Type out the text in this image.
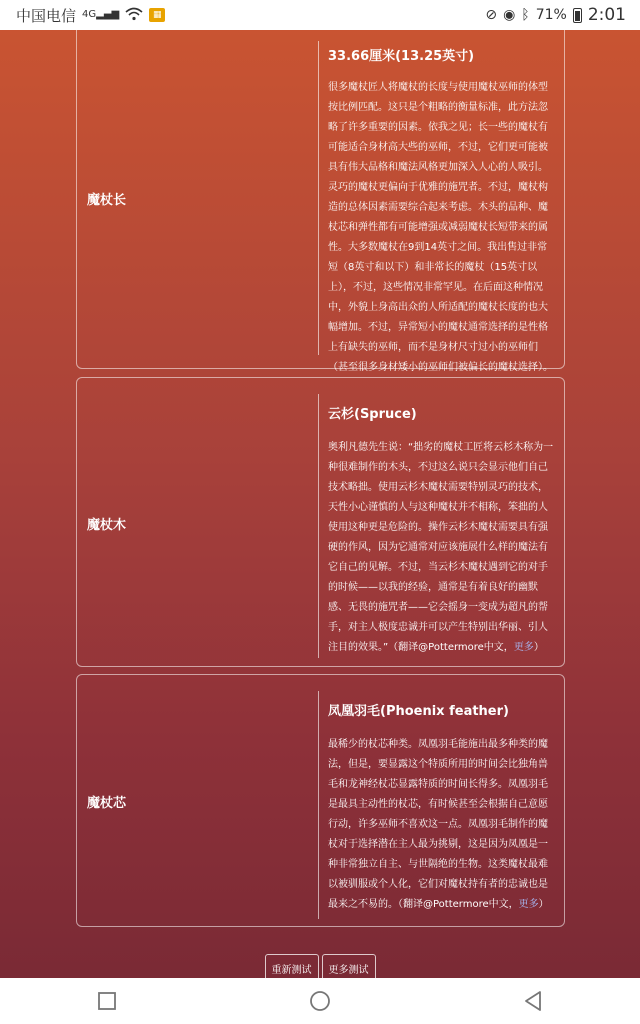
中国电信 4G▂▄▆	▦	⊘ ◉ ᛒ 71% 2:01
魔杖长
33.66厘米(13.25英寸)

很多魔杖匠人将魔杖的长度与使用魔杖巫师的体型按比例匹配。这只是个粗略的衡量标准，此方法忽略了许多重要的因素。依我之见；长一些的魔杖有可能适合身材高大些的巫师，不过，它们更可能被具有伟大品格和魔法风格更加深入人心的人吸引。灵巧的魔杖更偏向于优雅的施咒者。不过，魔杖构造的总体因素需要综合起来考虑。木头的品种、魔杖芯和弹性都有可能增强或减弱魔杖长短带来的属性。大多数魔杖在9到14英寸之间。我出售过非常短（8英寸和以下）和非常长的魔杖（15英寸以上），不过，这些情况非常罕见。在后面这种情况中，外貌上身高出众的人所适配的魔杖长度的也大幅增加。不过，异常短小的魔杖通常选择的是性格上有缺失的巫师，而不是身材尺寸过小的巫师们（甚至很多身材矮小的巫师们被偏长的魔杖选择）。

魔杖木
云杉(Spruce)

奥利凡德先生说：“拙劣的魔杖工匠将云杉木称为一种很难制作的木头，不过这么说只会显示他们自己技术略拙。使用云杉木魔杖需要特别灵巧的技术，天性小心谨慎的人与这种魔杖并不相称，笨拙的人使用这种更是危险的。操作云杉木魔杖需要具有强硬的作风，因为它通常对应该施展什么样的魔法有它自己的见解。不过，当云杉木魔杖遇到它的对手的时候——以我的经验，通常是有着良好的幽默感、无畏的施咒者——它会摇身一变成为超凡的帮手，对主人极度忠诚并可以产生特别出华丽、引人注目的效果。”（翻译@Pottermore中文，更多）

魔杖芯
凤凰羽毛(Phoenix feather)

最稀少的杖芯种类。凤凰羽毛能施出最多种类的魔法，但是，要显露这个特质所用的时间会比独角兽毛和龙神经杖芯显露特质的时间长得多。凤凰羽毛是最具主动性的杖芯，有时候甚至会根据自己意愿行动，许多巫师不喜欢这一点。凤凰羽毛制作的魔杖对于选择潜在主人最为挑剔，这是因为凤凰是一种非常独立自主、与世隔绝的生物。这类魔杖最难以被驯服或个人化，它们对魔杖持有者的忠诚也是最来之不易的。（翻译@Pottermore中文，更多）

重新测试	更多测试
